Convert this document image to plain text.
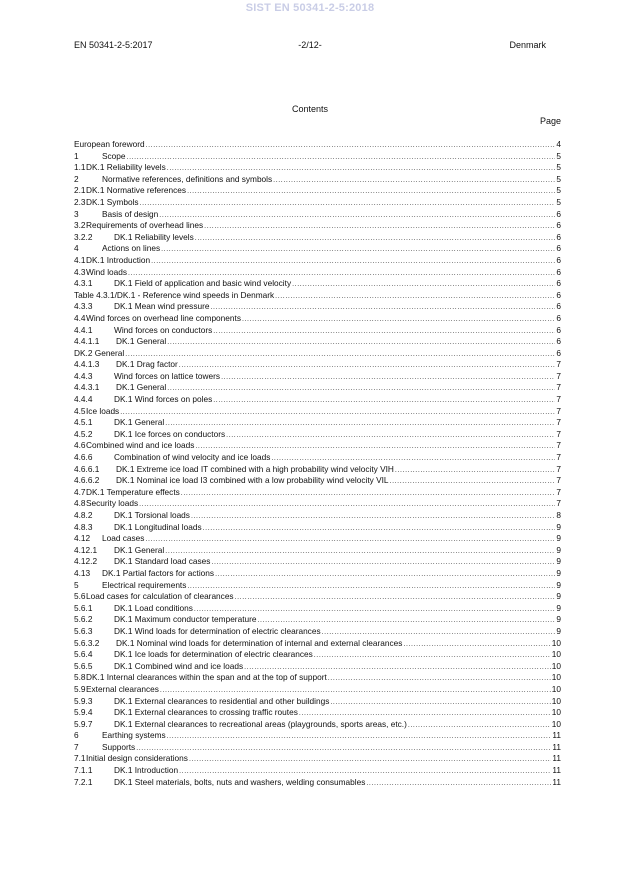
SIST EN 50341-2-5:2018
EN 50341-2-5:2017	-2/12-	Denmark
Contents
Page
European foreword .....	4
1	Scope .....	5
1.1 DK.1 Reliability levels .....	5
2	Normative references, definitions and symbols .....	5
2.1 DK.1 Normative references .....	5
2.3 DK.1 Symbols .....	5
3	Basis of design .....	6
3.2 Requirements of overhead lines .....	6
3.2.2	DK.1 Reliability levels .....	6
4	Actions on lines .....	6
4.1 DK.1 Introduction .....	6
4.3 Wind loads .....	6
4.3.1	DK.1 Field of application and basic wind velocity .....	6
Table 4.3.1/DK.1 - Reference wind speeds in Denmark .....	6
4.3.3	DK.1 Mean wind pressure .....	6
4.4 Wind forces on overhead line components .....	6
4.4.1	Wind forces on conductors .....	6
4.4.1.1	DK.1 General .....	6
DK.2 General .....	6
4.4.1.3	DK.1 Drag factor .....	7
4.4.3	Wind forces on lattice towers .....	7
4.4.3.1	DK.1 General .....	7
4.4.4	DK.1 Wind forces on poles .....	7
4.5 Ice loads .....	7
4.5.1	DK.1 General .....	7
4.5.2	DK.1 Ice forces on conductors .....	7
4.6 Combined wind and ice loads .....	7
4.6.6	Combination of wind velocity and ice loads .....	7
4.6.6.1	DK.1 Extreme ice load IT combined with a high probability wind velocity VIH .....	7
4.6.6.2	DK.1 Nominal ice load I3 combined with a low probability wind velocity VIL .....	7
4.7 DK.1 Temperature effects .....	7
4.8 Security loads .....	7
4.8.2	DK.1 Torsional loads .....	8
4.8.3	DK.1 Longitudinal loads .....	9
4.12	Load cases .....	9
4.12.1	DK.1 General .....	9
4.12.2	DK.1 Standard load cases .....	9
4.13	DK.1 Partial factors for actions .....	9
5	Electrical requirements .....	9
5.6 Load cases for calculation of clearances .....	9
5.6.1	DK.1 Load conditions .....	9
5.6.2	DK.1 Maximum conductor temperature .....	9
5.6.3	DK.1 Wind loads for determination of electric clearances .....	9
5.6.3.2	DK.1 Nominal wind loads for determination of internal and external clearances .....	10
5.6.4	DK.1 Ice loads for determination of electric clearances .....	10
5.6.5	DK.1 Combined wind and ice loads .....	10
5.8 DK.1 Internal clearances within the span and at the top of support .....	10
5.9 External clearances .....	10
5.9.3	DK.1 External clearances to residential and other buildings .....	10
5.9.4	DK.1 External clearances to crossing traffic routes .....	10
5.9.7	DK.1 External clearances to recreational areas (playgrounds, sports areas, etc.) .....	10
6	Earthing systems .....	11
7	Supports .....	11
7.1 Initial design considerations .....	11
7.1.1	DK.1 Introduction .....	11
7.2.1	DK.1 Steel materials, bolts, nuts and washers, welding consumables .....	11
